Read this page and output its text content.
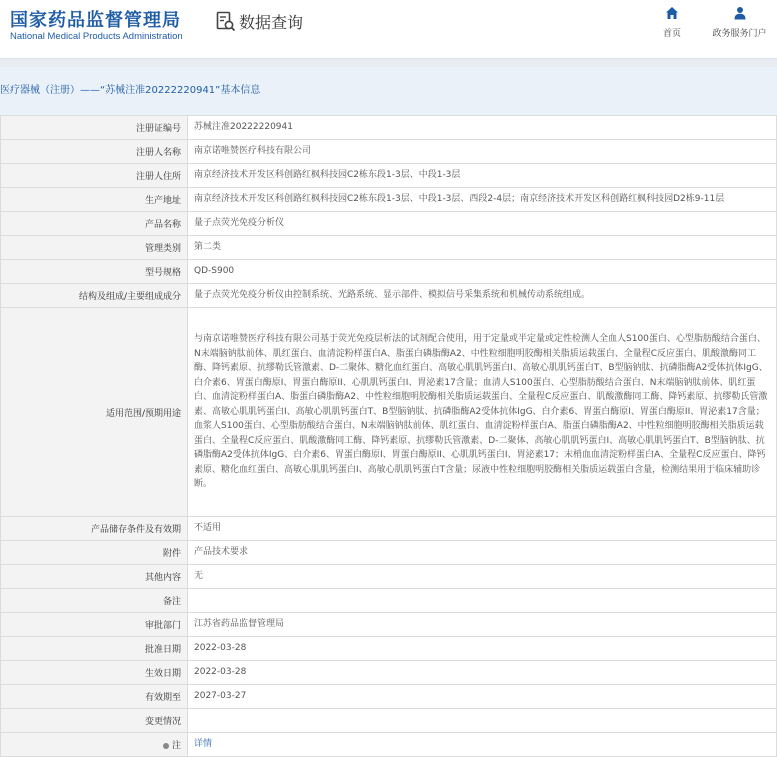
国家药品监督管理局
National Medical Products Administration
数据查询
首页	政务服务门户
医疗器械（注册）——“苏械注准20222220941”基本信息
注册证编号	苏械注准20222220941
注册人名称	南京诺唯赞医疗科技有限公司
注册人住所	南京经济技术开发区科创路红枫科技园C2栋东段1-3层、中段1-3层
生产地址	南京经济技术开发区科创路红枫科技园C2栋东段1-3层、中段1-3层、西段2-4层；南京经济技术开发区科创路红枫科技园D2栋9-11层
产品名称	量子点荧光免疫分析仪
管理类别	第二类
型号规格	QD-S900
结构及组成/主要组成成分	量子点荧光免疫分析仪由控制系统、光路系统、显示部件、模拟信号采集系统和机械传动系统组成。
适用范围/预期用途	与南京诺唯赞医疗科技有限公司基于荧光免疫层析法的试剂配合使用，用于定量或半定量或定性检测人全血人S100蛋白、心型脂肪酸结合蛋白、N末端脑钠肽前体、肌红蛋白、血清淀粉样蛋白A、脂蛋白磷脂酶A2、中性粒细胞明胶酶相关脂质运载蛋白、全量程C反应蛋白、肌酸激酶同工酶、降钙素原、抗缪勒氏管激素、D-二聚体、糖化血红蛋白、高敏心肌肌钙蛋白I、高敏心肌肌钙蛋白T、B型脑钠肽、抗磷脂酶A2受体抗体IgG、白介素6、胃蛋白酶原I、胃蛋白酶原II、心肌肌钙蛋白Ⅰ、胃泌素17含量；血清人S100蛋白、心型脂肪酸结合蛋白、N末端脑钠肽前体、肌红蛋白、血清淀粉样蛋白A、脂蛋白磷脂酶A2、中性粒细胞明胶酶相关脂质运载蛋白、全量程C反应蛋白、肌酸激酶同工酶、降钙素原、抗缪勒氏管激素、高敏心肌肌钙蛋白I、高敏心肌肌钙蛋白T、B型脑钠肽、抗磷脂酶A2受体抗体IgG、白介素6、胃蛋白酶原I、胃蛋白酶原II、胃泌素17含量；血浆人S100蛋白、心型脂肪酸结合蛋白、N末端脑钠肽前体、肌红蛋白、血清淀粉样蛋白A、脂蛋白磷脂酶A2、中性粒细胞明胶酶相关脂质运载蛋白、全量程C反应蛋白、肌酸激酶同工酶、降钙素原、抗缪勒氏管激素、D-二聚体、高敏心肌肌钙蛋白I、高敏心肌肌钙蛋白T、B型脑钠肽、抗磷脂酶A2受体抗体IgG、白介素6、胃蛋白酶原I、胃蛋白酶原II、心肌肌钙蛋白Ⅰ、胃泌素17；末梢血血清淀粉样蛋白A、全量程C反应蛋白、降钙素原、糖化血红蛋白、高敏心肌肌钙蛋白I、高敏心肌肌钙蛋白T含量；尿液中性粒细胞明胶酶相关脂质运载蛋白含量，检测结果用于临床辅助诊断。
产品储存条件及有效期	不适用
附件	产品技术要求
其他内容	无
备注	
审批部门	江苏省药品监督管理局
批准日期	2022-03-28
生效日期	2022-03-28
有效期至	2027-03-27
变更情况	
注	详情
